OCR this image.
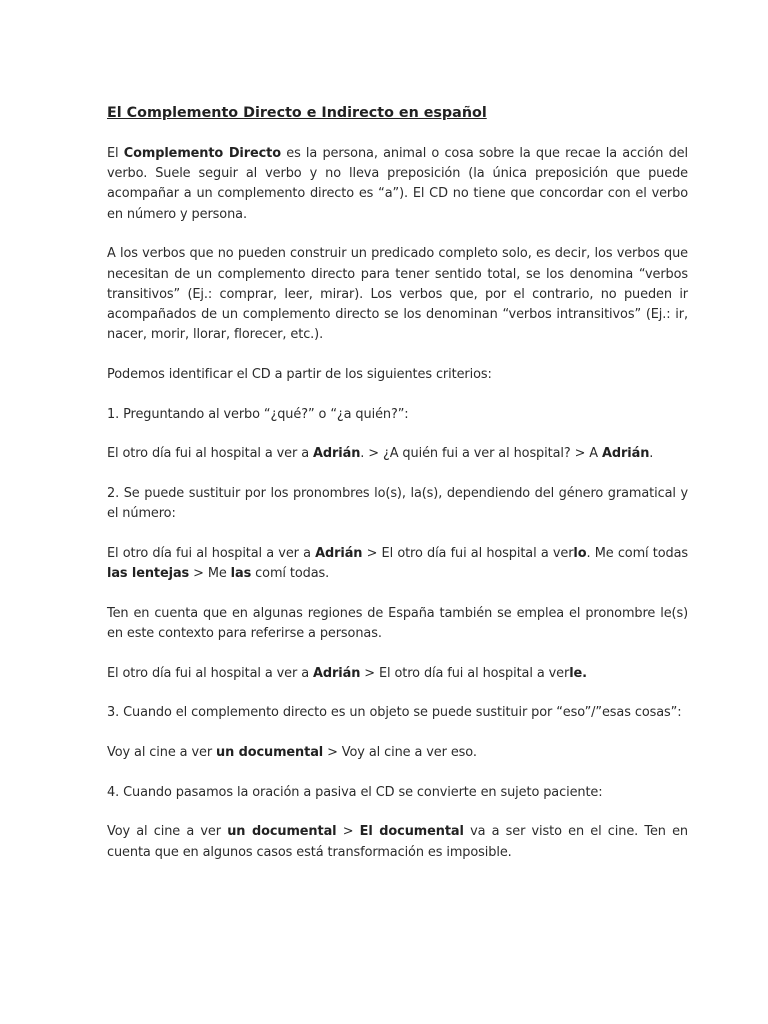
El Complemento Directo e Indirecto en español

El Complemento Directo es la persona, animal o cosa sobre la que recae la acción del verbo. Suele seguir al verbo y no lleva preposición (la única preposición que puede acompañar a un complemento directo es “a”). El CD no tiene que concordar con el verbo en número y persona.

A los verbos que no pueden construir un predicado completo solo, es decir, los verbos que necesitan de un complemento directo para tener sentido total, se los denomina “verbos transitivos” (Ej.: comprar, leer, mirar). Los verbos que, por el contrario, no pueden ir acompañados de un complemento directo se los denominan “verbos intransitivos” (Ej.: ir, nacer, morir, llorar, florecer, etc.).

Podemos identificar el CD a partir de los siguientes criterios:

1. Preguntando al verbo “¿qué?” o “¿a quién?”:

El otro día fui al hospital a ver a Adrián. > ¿A quién fui a ver al hospital? > A Adrián.

2. Se puede sustituir por los pronombres lo(s), la(s), dependiendo del género gramatical y el número:

El otro día fui al hospital a ver a Adrián > El otro día fui al hospital a verlo. Me comí todas las lentejas > Me las comí todas.

Ten en cuenta que en algunas regiones de España también se emplea el pronombre le(s) en este contexto para referirse a personas.

El otro día fui al hospital a ver a Adrián > El otro día fui al hospital a verle.

3. Cuando el complemento directo es un objeto se puede sustituir por “eso”/”esas cosas”:

Voy al cine a ver un documental > Voy al cine a ver eso.

4. Cuando pasamos la oración a pasiva el CD se convierte en sujeto paciente:

Voy al cine a ver un documental > El documental va a ser visto en el cine. Ten en cuenta que en algunos casos está transformación es imposible.
